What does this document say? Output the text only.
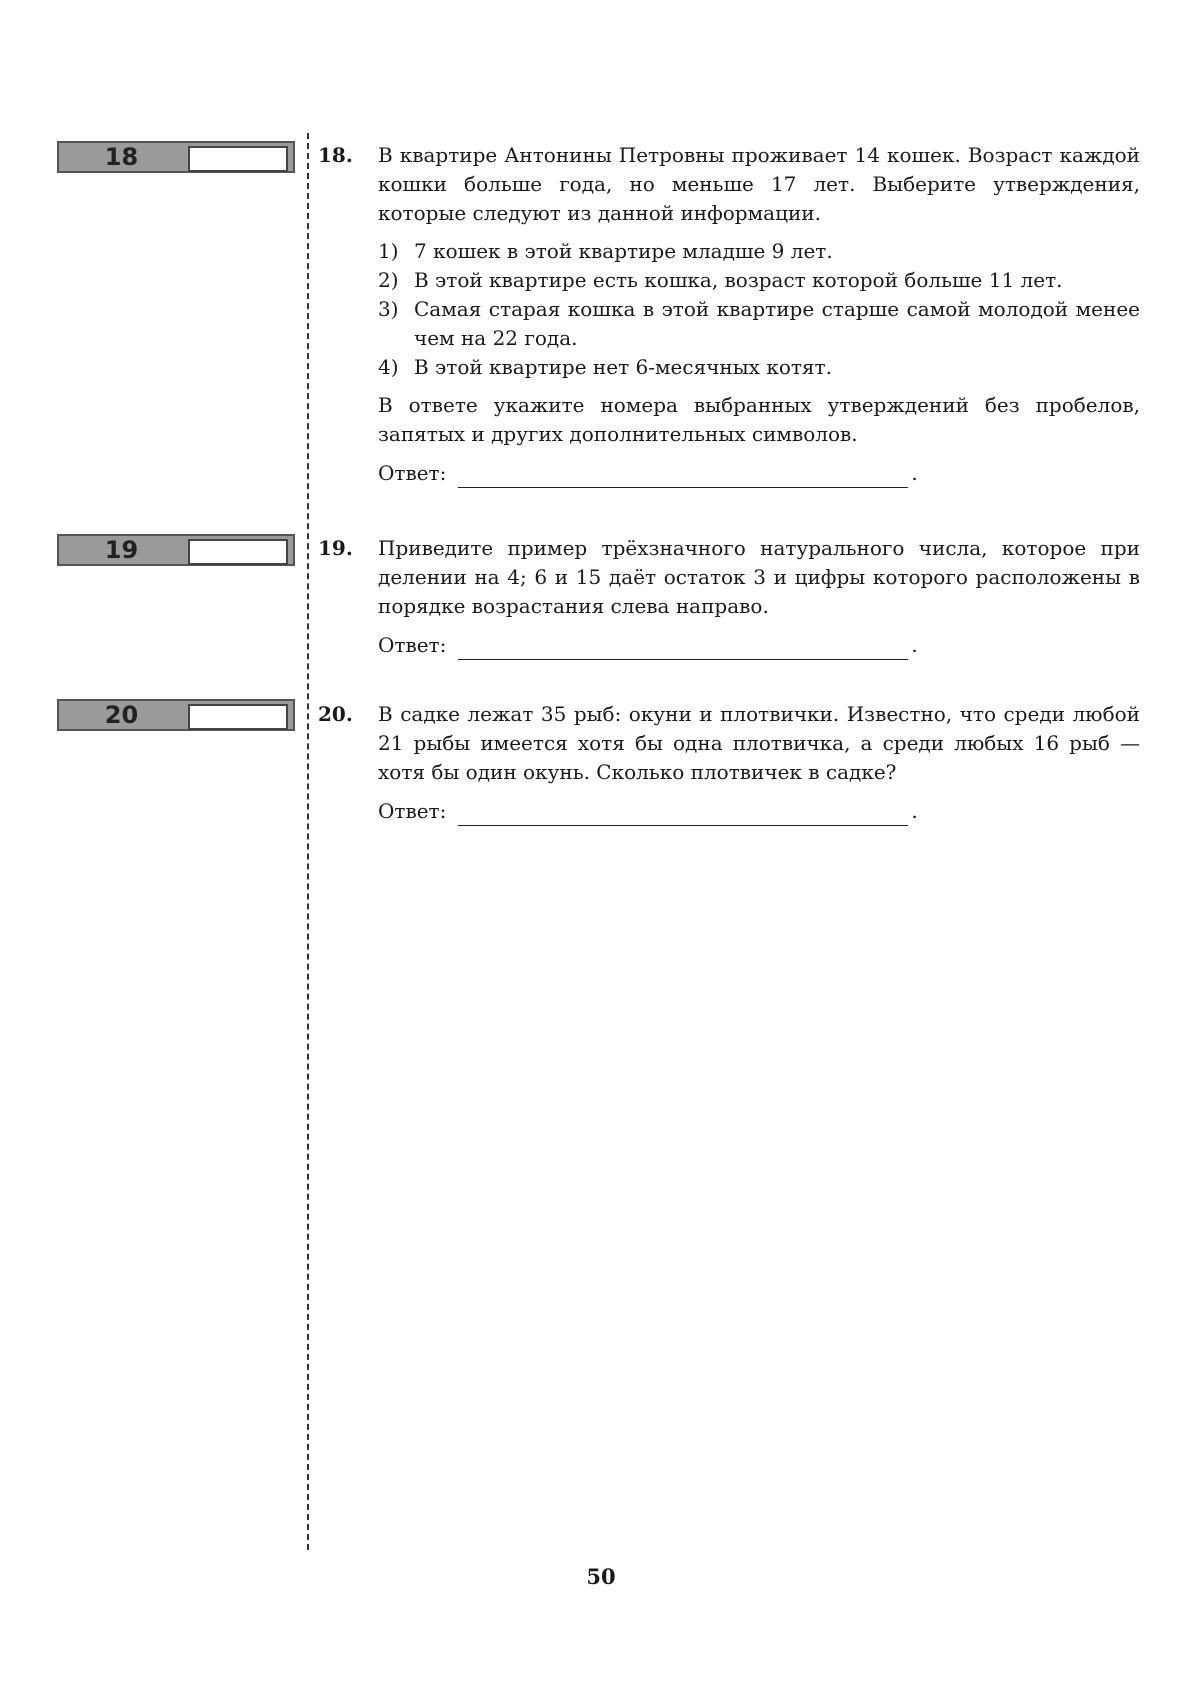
18	18. В квартире Антонины Петровны проживает 14 кошек. Возраст каждой кошки больше года, но меньше 17 лет. Выберите утверждения, которые следуют из данной информации.

1) 7 кошек в этой квартире младше 9 лет.
2) В этой квартире есть кошка, возраст которой больше 11 лет.
3) Самая старая кошка в этой квартире старше самой молодой менее чем на 22 года.
4) В этой квартире нет 6-месячных котят.

В ответе укажите номера выбранных утверждений без пробелов, запятых и других дополнительных символов.

Ответ:	.
19	19. Приведите пример трёхзначного натурального числа, которое при делении на 4; 6 и 15 даёт остаток 3 и цифры которого расположены в порядке возрастания слева направо.

Ответ:	.
20	20. В садке лежат 35 рыб: окуни и плотвички. Известно, что среди любой 21 рыбы имеется хотя бы одна плотвичка, а среди любых 16 рыб — хотя бы один окунь. Сколько плотвичек в садке?

Ответ:	.
50
